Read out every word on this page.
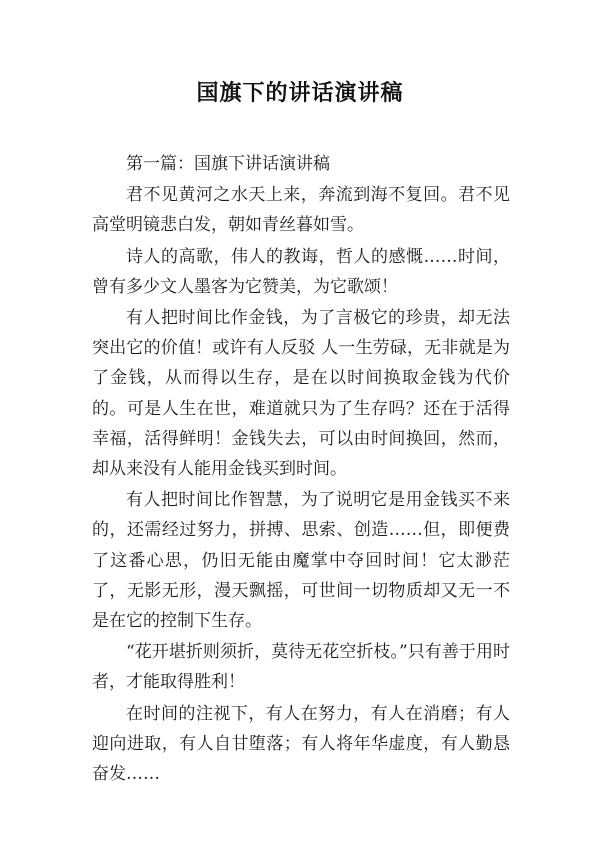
国旗下的讲话演讲稿

第一篇：国旗下讲话演讲稿

君不见黄河之水天上来，奔流到海不复回。君不见高堂明镜悲白发，朝如青丝暮如雪。

诗人的高歌，伟人的教诲，哲人的感慨……时间，曾有多少文人墨客为它赞美，为它歌颂！

有人把时间比作金钱，为了言极它的珍贵，却无法突出它的价值！或许有人反驳 人一生劳碌，无非就是为了金钱，从而得以生存，是在以时间换取金钱为代价的。可是人生在世，难道就只为了生存吗？还在于活得幸福，活得鲜明！金钱失去，可以由时间换回，然而，却从来没有人能用金钱买到时间。

有人把时间比作智慧，为了说明它是用金钱买不来的，还需经过努力，拼搏、思索、创造……但，即便费了这番心思，仍旧无能由魔掌中夺回时间！它太渺茫了，无影无形，漫天飘摇，可世间一切物质却又无一不是在它的控制下生存。

“花开堪折则须折，莫待无花空折枝。”只有善于用时者，才能取得胜利！

在时间的注视下，有人在努力，有人在消磨；有人迎向进取，有人自甘堕落；有人将年华虚度，有人勤恳奋发……
